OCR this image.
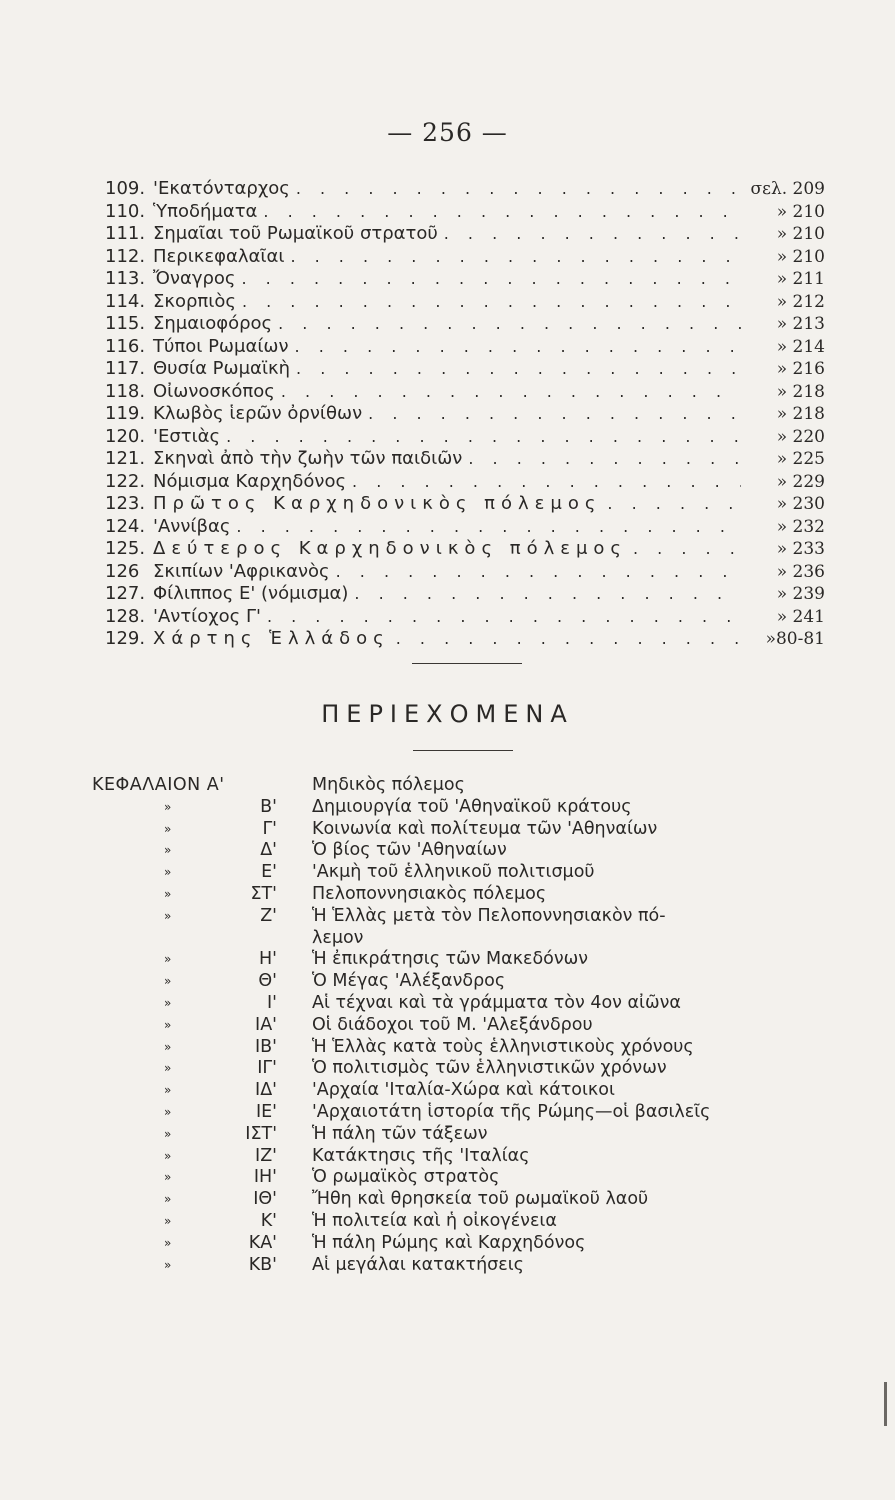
— 256 —
109. 'Εκατόνταρχος . . .	σελ. 209
110. Ὑποδήματα . . .	» 210
111. Σημαῖαι τοῦ Ρωμαϊκοῦ στρατοῦ . . .	» 210
112. Περικεφαλαῖαι . . .	» 210
113. Ὄναγρος . . .	» 211
114. Σκορπιὸς . . .	» 212
115. Σημαιοφόρος . . .	» 213
116. Τύποι Ρωμαίων . . .	» 214
117. Θυσία Ρωμαϊκὴ . . .	» 216
118. Οἰωνοσκόπος . . .	» 218
119. Κλωβὸς ἱερῶν ὀρνίθων . . .	» 218
120. 'Εστιὰς . . .	» 220
121. Σκηναὶ ἀπὸ τὴν ζωὴν τῶν παιδιῶν . . .	» 225
122. Νόμισμα Καρχηδόνος . . .	» 229
123. Πρῶτος Καρχηδονικὸς πόλεμος . . .	» 230
124. 'Αννίβας . . .	» 232
125. Δεύτερος Καρχηδονικὸς πόλεμος . . .	» 233
126 Σκιπίων 'Αφρικανὸς . . .	» 236
127. Φίλιππος Ε' (νόμισμα) . . .	» 239
128. 'Αντίοχος Γ' . . .	» 241
129. Χάρτης Ἑλλάδος . . .	»80-81
ΠΕΡΙΕΧΟΜΕΝΑ
ΚΕΦΑΛΑΙΟΝ Α'	Μηδικὸς πόλεμος
»	Β' Δημιουργία τοῦ 'Αθηναϊκοῦ κράτους
»	Γ' Κοινωνία καὶ πολίτευμα τῶν 'Αθηναίων
»	Δ' Ὁ βίος τῶν 'Αθηναίων
»	Ε' 'Ακμὴ τοῦ ἑλληνικοῦ πολιτισμοῦ
»	ΣΤ' Πελοποννησιακὸς πόλεμος
»	Ζ' Ἡ Ἑλλὰς μετὰ τὸν Πελοποννησιακὸν πό-
λεμον
»	Η' Ἡ ἐπικράτησις τῶν Μακεδόνων
»	Θ' Ὁ Μέγας 'Αλέξανδρος
»	Ι' Αἱ τέχναι καὶ τὰ γράμματα τὸν 4ον αἰῶνα
»	ΙΑ' Οἱ διάδοχοι τοῦ Μ. 'Αλεξάνδρου
»	ΙΒ' Ἡ Ἑλλὰς κατὰ τοὺς ἑλληνιστικοὺς χρόνους
»	ΙΓ' Ὁ πολιτισμὸς τῶν ἑλληνιστικῶν χρόνων
»	ΙΔ' 'Αρχαία 'Ιταλία-Χώρα καὶ κάτοικοι
»	ΙΕ' 'Αρχαιοτάτη ἱστορία τῆς Ρώμης—οἱ βασιλεῖς
»	ΙΣΤ' Ἡ πάλη τῶν τάξεων
»	ΙΖ' Κατάκτησις τῆς 'Ιταλίας
»	ΙΗ' Ὁ ρωμαϊκὸς στρατὸς
»	ΙΘ' Ἤθη καὶ θρησκεία τοῦ ρωμαϊκοῦ λαοῦ
»	Κ' Ἡ πολιτεία καὶ ἡ οἰκογένεια
»	ΚΑ' Ἡ πάλη Ρώμης καὶ Καρχηδόνος
»	ΚΒ' Αἱ μεγάλαι κατακτήσεις
